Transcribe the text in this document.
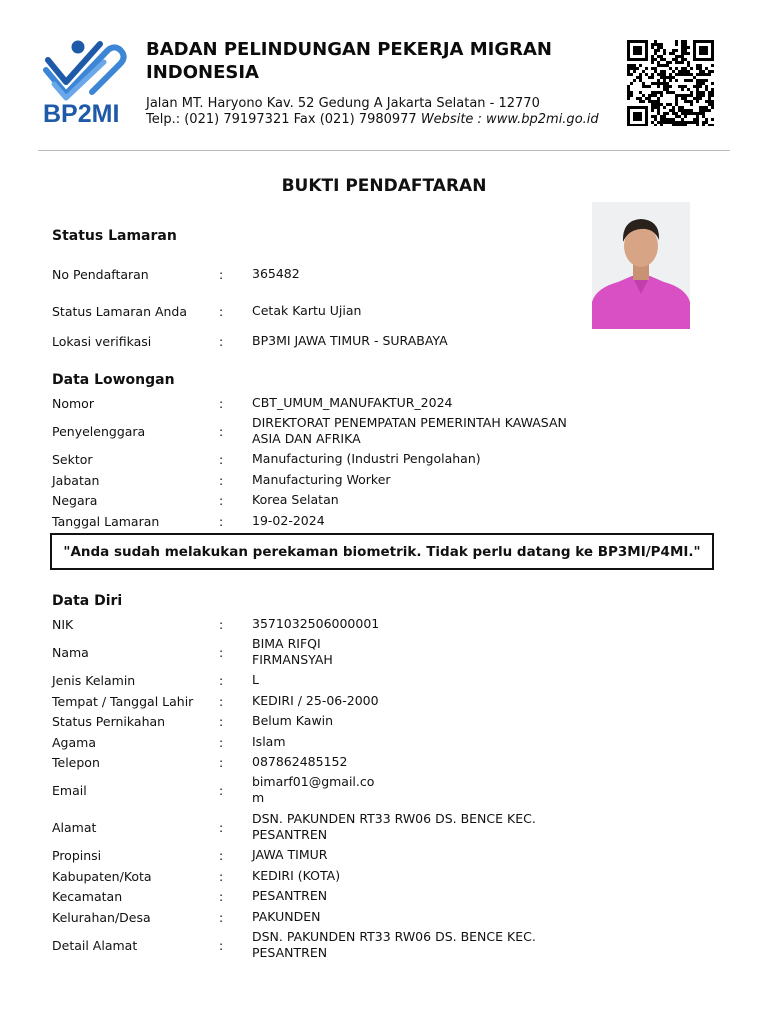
BP2MI
BADAN PELINDUNGAN PEKERJA MIGRAN INDONESIA
Jalan MT. Haryono Kav. 52 Gedung A Jakarta Selatan - 12770
Telp.: (021) 79197321 Fax (021) 7980977 Website : www.bp2mi.go.id
BUKTI PENDAFTARAN
Status Lamaran
No Pendaftaran	: 365482
Status Lamaran Anda	: Cetak Kartu Ujian
Lokasi verifikasi	: BP3MI JAWA TIMUR - SURABAYA
Data Lowongan
Nomor	: CBT_UMUM_MANUFAKTUR_2024
Penyelenggara	:
DIREKTORAT PENEMPATAN PEMERINTAH KAWASAN ASIA DAN AFRIKA
Sektor	: Manufacturing (Industri Pengolahan)
Jabatan	: Manufacturing Worker
Negara	: Korea Selatan
Tanggal Lamaran	: 19-02-2024
"Anda sudah melakukan perekaman biometrik. Tidak perlu datang ke BP3MI/P4MI."
Data Diri
NIK	: 3571032506000001
Nama	:
BIMA RIFQI FIRMANSYAH
Jenis Kelamin	: L
Tempat / Tanggal Lahir : KEDIRI / 25-06-2000
Status Pernikahan	: Belum Kawin
Agama	: Islam
Telepon	: 087862485152
Email	:
bimarf01@gmail.com
Alamat	:
DSN. PAKUNDEN RT33 RW06 DS. BENCE KEC. PESANTREN
Propinsi	: JAWA TIMUR
Kabupaten/Kota	: KEDIRI (KOTA)
Kecamatan	: PESANTREN
Kelurahan/Desa	: PAKUNDEN
Detail Alamat	:
DSN. PAKUNDEN RT33 RW06 DS. BENCE KEC. PESANTREN
